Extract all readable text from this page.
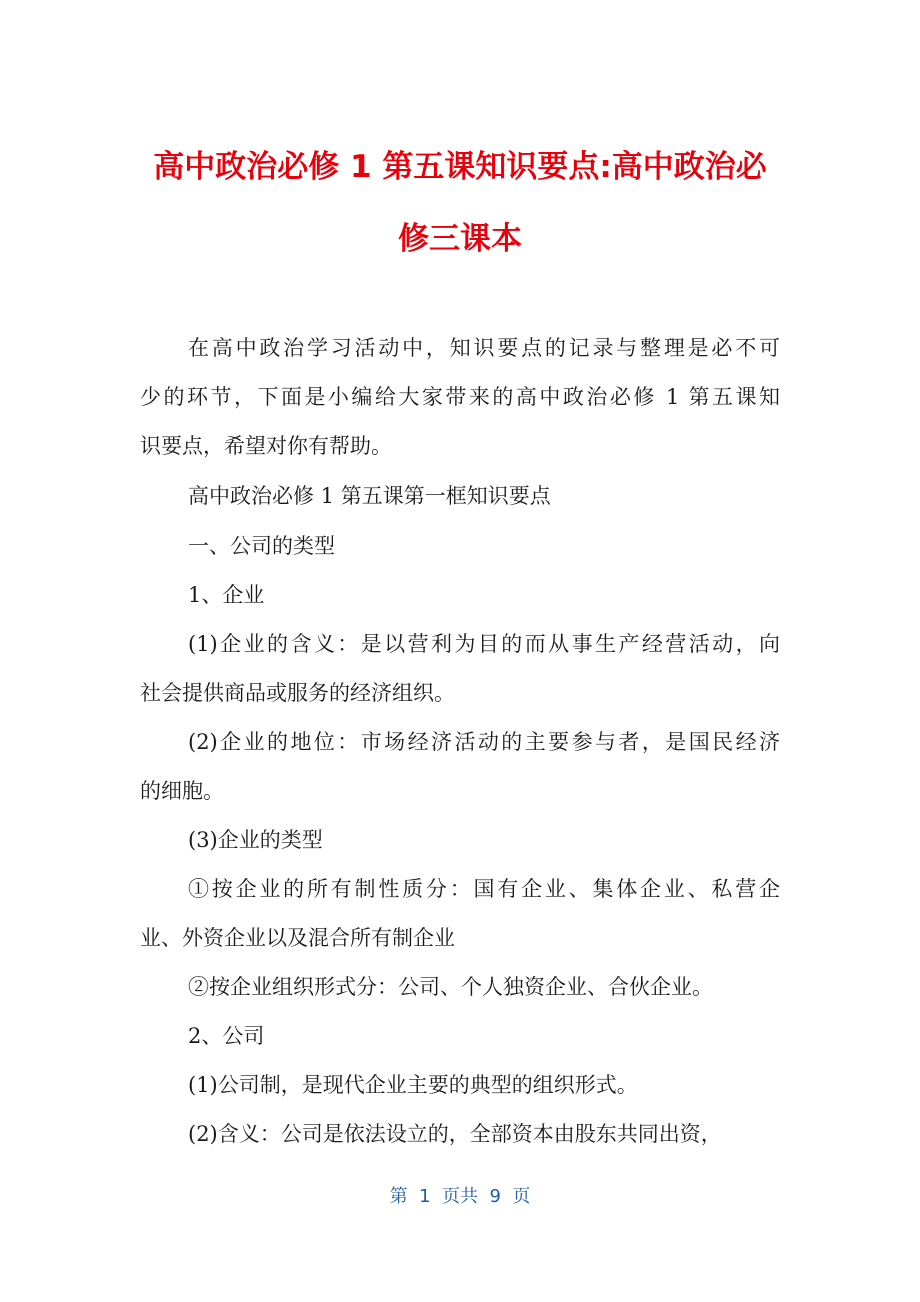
高中政治必修 1 第五课知识要点:高中政治必
修三课本
在高中政治学习活动中，知识要点的记录与整理是必不可
少的环节，下面是小编给大家带来的高中政治必修 1 第五课知
识要点，希望对你有帮助。
高中政治必修 1 第五课第一框知识要点
一、公司的类型
1、企业
(1)企业的含义：是以营利为目的而从事生产经营活动，向
社会提供商品或服务的经济组织。
(2)企业的地位：市场经济活动的主要参与者，是国民经济
的细胞。
(3)企业的类型
①按企业的所有制性质分：国有企业、集体企业、私营企
业、外资企业以及混合所有制企业
②按企业组织形式分：公司、个人独资企业、合伙企业。
2、公司
(1)公司制，是现代企业主要的典型的组织形式。
(2)含义：公司是依法设立的，全部资本由股东共同出资，
第  1  页共  9  页
